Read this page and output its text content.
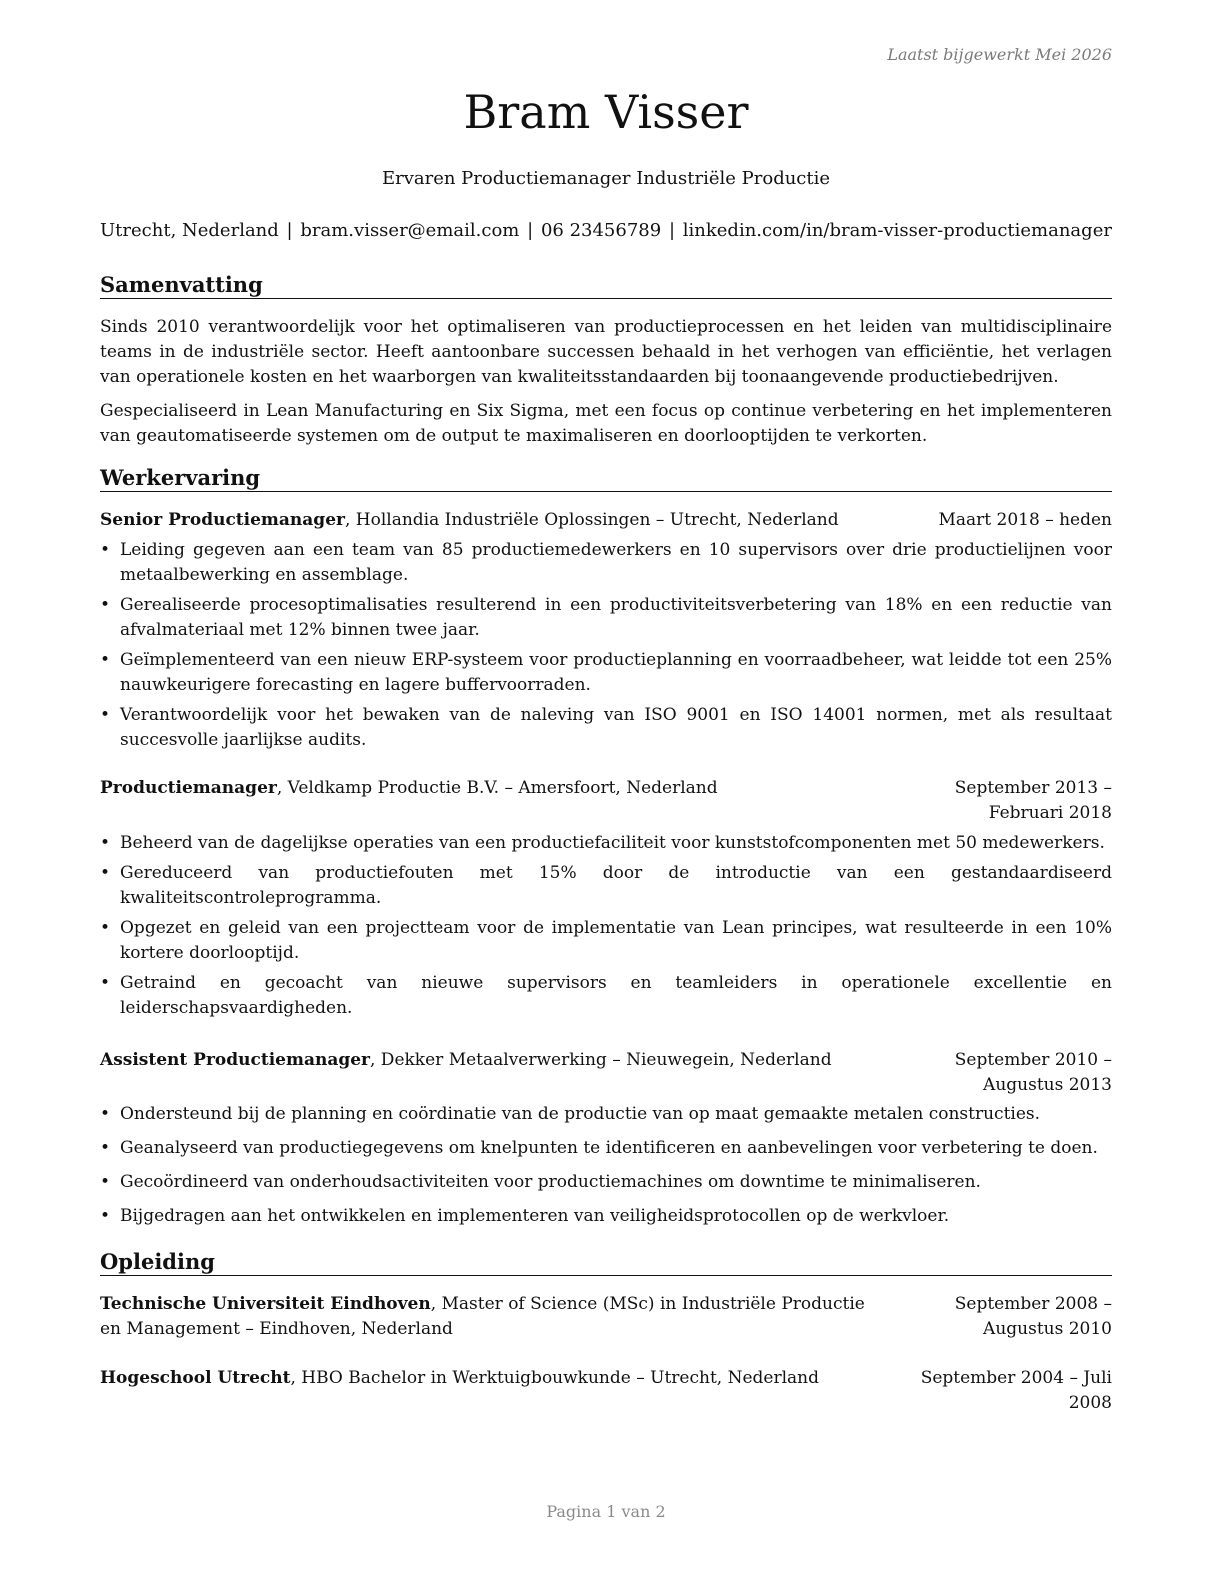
Laatst bijgewerkt Mei 2026
Bram Visser
Ervaren Productiemanager Industriële Productie
Utrecht, Nederland | bram.visser@email.com | 06 23456789 | linkedin.com/in/bram-visser-productiemanager
Samenvatting

Sinds 2010 verantwoordelijk voor het optimaliseren van productieprocessen en het leiden van multidisciplinaire teams in de industriële sector. Heeft aantoonbare successen behaald in het verhogen van efficiëntie, het verlagen van operationele kosten en het waarborgen van kwaliteitsstandaarden bij toonaangevende productiebedrijven.

Gespecialiseerd in Lean Manufacturing en Six Sigma, met een focus op continue verbetering en het implementeren van geautomatiseerde systemen om de output te maximaliseren en doorlooptijden te verkorten.

Werkervaring
Senior Productiemanager, Hollandia Industriële Oplossingen – Utrecht, Nederland	Maart 2018 – heden
• Leiding gegeven aan een team van 85 productiemedewerkers en 10 supervisors over drie productielijnen voor metaalbewerking en assemblage.
• Gerealiseerde procesoptimalisaties resulterend in een productiviteitsverbetering van 18% en een reductie van afvalmateriaal met 12% binnen twee jaar.
• Geïmplementeerd van een nieuw ERP-systeem voor productieplanning en voorraadbeheer, wat leidde tot een 25% nauwkeurigere forecasting en lagere buffervoorraden.
• Verantwoordelijk voor het bewaken van de naleving van ISO 9001 en ISO 14001 normen, met als resultaat succesvolle jaarlijkse audits.
Productiemanager, Veldkamp Productie B.V. – Amersfoort, Nederland	September 2013 – Februari 2018
• Beheerd van de dagelijkse operaties van een productiefaciliteit voor kunststofcomponenten met 50 medewerkers.
• Gereduceerd van productiefouten met 15% door de introductie van een gestandaardiseerd kwaliteitscontroleprogramma.
• Opgezet en geleid van een projectteam voor de implementatie van Lean principes, wat resulteerde in een 10% kortere doorlooptijd.
• Getraind en gecoacht van nieuwe supervisors en teamleiders in operationele excellentie en leiderschapsvaardigheden.
Assistent Productiemanager, Dekker Metaalverwerking – Nieuwegein, Nederland	September 2010 – Augustus 2013
• Ondersteund bij de planning en coördinatie van de productie van op maat gemaakte metalen constructies.
• Geanalyseerd van productiegegevens om knelpunten te identificeren en aanbevelingen voor verbetering te doen.
• Gecoördineerd van onderhoudsactiviteiten voor productiemachines om downtime te minimaliseren.
• Bijgedragen aan het ontwikkelen en implementeren van veiligheidsprotocollen op de werkvloer.
Opleiding
Technische Universiteit Eindhoven, Master of Science (MSc) in Industriële Productie en Management – Eindhoven, Nederland
September 2008 – Augustus 2010
Hogeschool Utrecht, HBO Bachelor in Werktuigbouwkunde – Utrecht, Nederland	September 2004 – Juli 2008
Pagina 1 van 2
